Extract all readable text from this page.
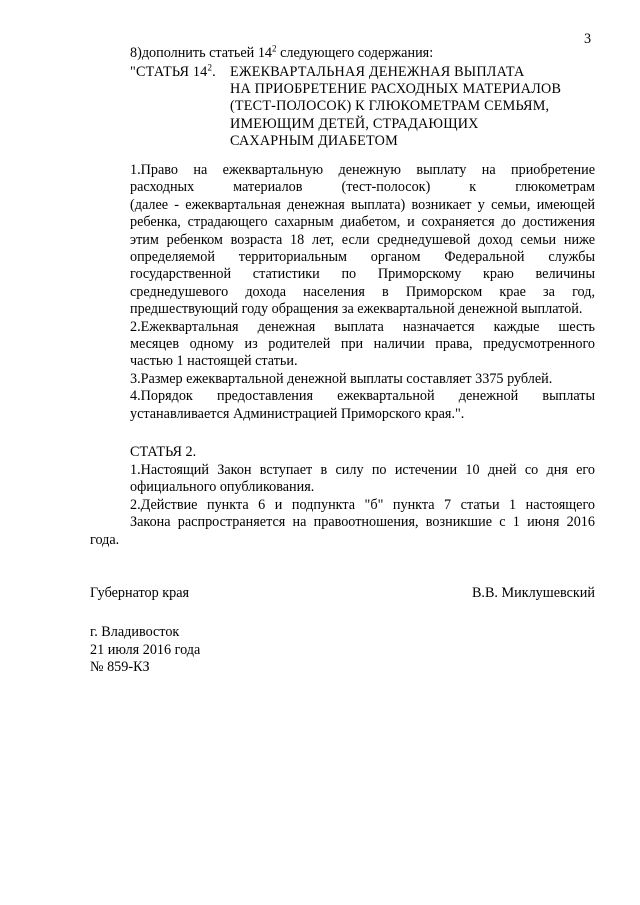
3
8)дополнить статьей $14^2$ следующего содержания:
"СТАТЬЯ $14^2$. ЕЖЕКВАРТАЛЬНАЯ ДЕНЕЖНАЯ ВЫПЛАТА
НА ПРИОБРЕТЕНИЕ РАСХОДНЫХ МАТЕРИАЛОВ
(ТЕСТ-ПОЛОСОК) К ГЛЮКОМЕТРАМ СЕМЬЯМ,
ИМЕЮЩИМ ДЕТЕЙ, СТРАДАЮЩИХ
САХАРНЫМ ДИАБЕТОМ
1.Право на ежеквартальную денежную выплату на приобретение
расходных материалов (тест-полосок) к глюкометрам
(далее - ежеквартальная денежная выплата) возникает у семьи, имеющей
ребенка, страдающего сахарным диабетом, и сохраняется до достижения
этим ребенком возраста 18 лет, если среднедушевой доход семьи ниже
определяемой территориальным органом Федеральной службы
государственной статистики по Приморскому краю величины
среднедушевого дохода населения в Приморском крае за год,
предшествующий году обращения за ежеквартальной денежной выплатой.
2.Ежеквартальная денежная выплата назначается каждые шесть
месяцев одному из родителей при наличии права, предусмотренного
частью 1 настоящей статьи.
3.Размер ежеквартальной денежной выплаты составляет 3375 рублей.
4.Порядок предоставления ежеквартальной денежной выплаты
устанавливается Администрацией Приморского края.".
СТАТЬЯ 2.
1.Настоящий Закон вступает в силу по истечении 10 дней со дня его
официального опубликования.
2.Действие пункта 6 и подпункта "б" пункта 7 статьи 1 настоящего
Закона распространяется на правоотношения, возникшие с 1 июня 2016 года.
Губернатор края	В.В. Миклушевский
г. Владивосток
21 июля 2016 года
№ 859-КЗ
